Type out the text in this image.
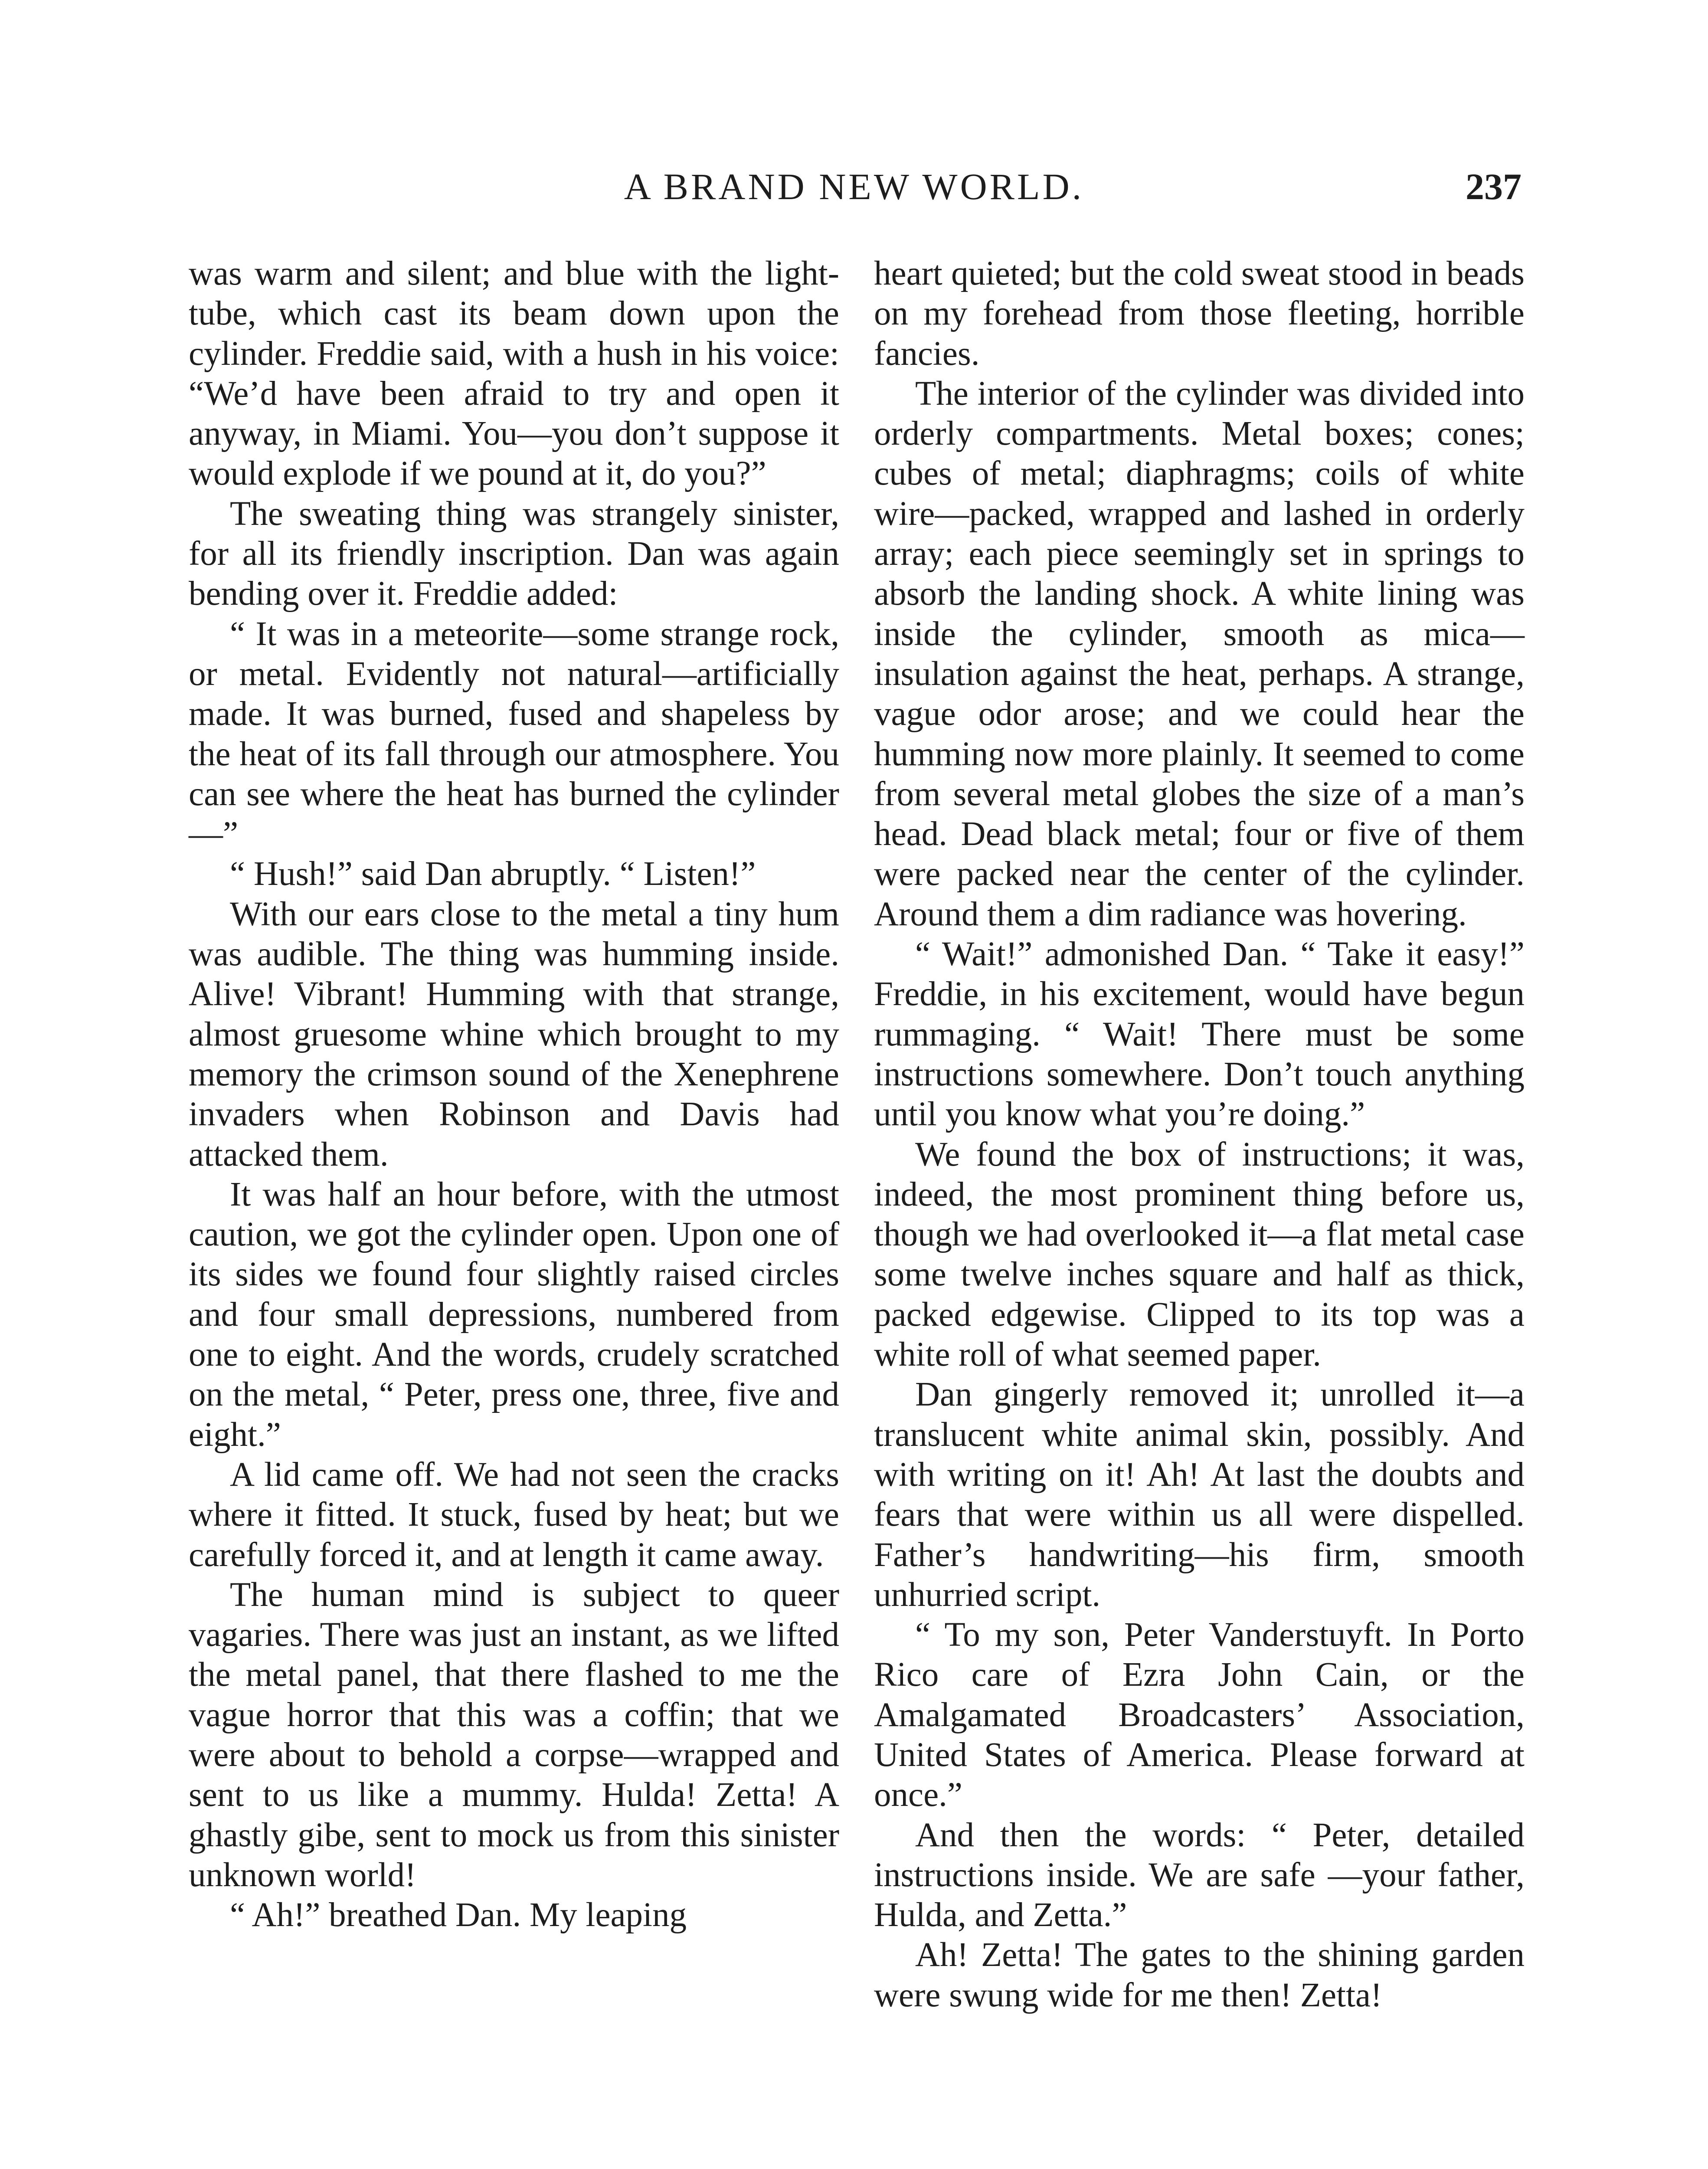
A BRAND NEW WORLD.	237

was warm and silent; and blue with the light-tube, which cast its beam down upon the cylinder. Freddie said, with a hush in his voice: “We’d have been afraid to try and open it anyway, in Miami. You—you don’t suppose it would explode if we pound at it, do you?”

The sweating thing was strangely sinister, for all its friendly inscription. Dan was again bending over it. Freddie added:

“ It was in a meteorite—some strange rock, or metal. Evidently not natural—artificially made. It was burned, fused and shapeless by the heat of its fall through our atmosphere. You can see where the heat has burned the cylinder—”

“ Hush!” said Dan abruptly. “ Listen!”

With our ears close to the metal a tiny hum was audible. The thing was humming inside. Alive! Vibrant! Humming with that strange, almost gruesome whine which brought to my memory the crimson sound of the Xenephrene invaders when Robinson and Davis had attacked them.

It was half an hour before, with the utmost caution, we got the cylinder open. Upon one of its sides we found four slightly raised circles and four small depressions, numbered from one to eight. And the words, crudely scratched on the metal, “ Peter, press one, three, five and eight.”

A lid came off. We had not seen the cracks where it fitted. It stuck, fused by heat; but we carefully forced it, and at length it came away.

The human mind is subject to queer vagaries. There was just an instant, as we lifted the metal panel, that there flashed to me the vague horror that this was a coffin; that we were about to behold a corpse—wrapped and sent to us like a mummy. Hulda! Zetta! A ghastly gibe, sent to mock us from this sinister unknown world!

“ Ah!” breathed Dan. My leaping

heart quieted; but the cold sweat stood in beads on my forehead from those fleeting, horrible fancies.

The interior of the cylinder was divided into orderly compartments. Metal boxes; cones; cubes of metal; diaphragms; coils of white wire—packed, wrapped and lashed in orderly array; each piece seemingly set in springs to absorb the landing shock. A white lining was inside the cylinder, smooth as mica—insulation against the heat, perhaps. A strange, vague odor arose; and we could hear the humming now more plainly. It seemed to come from several metal globes the size of a man’s head. Dead black metal; four or five of them were packed near the center of the cylinder. Around them a dim radiance was hovering.

“ Wait!” admonished Dan. “ Take it easy!” Freddie, in his excitement, would have begun rummaging. “ Wait! There must be some instructions somewhere. Don’t touch anything until you know what you’re doing.”

We found the box of instructions; it was, indeed, the most prominent thing before us, though we had overlooked it—a flat metal case some twelve inches square and half as thick, packed edgewise. Clipped to its top was a white roll of what seemed paper.

Dan gingerly removed it; unrolled it—a translucent white animal skin, possibly. And with writing on it! Ah! At last the doubts and fears that were within us all were dispelled. Father’s handwriting—his firm, smooth unhurried script.

“ To my son, Peter Vanderstuyft. In Porto Rico care of Ezra John Cain, or the Amalgamated Broadcasters’ Association, United States of America. Please forward at once.”

And then the words: “ Peter, detailed instructions inside. We are safe —your father, Hulda, and Zetta.”

Ah! Zetta! The gates to the shining garden were swung wide for me then! Zetta!
